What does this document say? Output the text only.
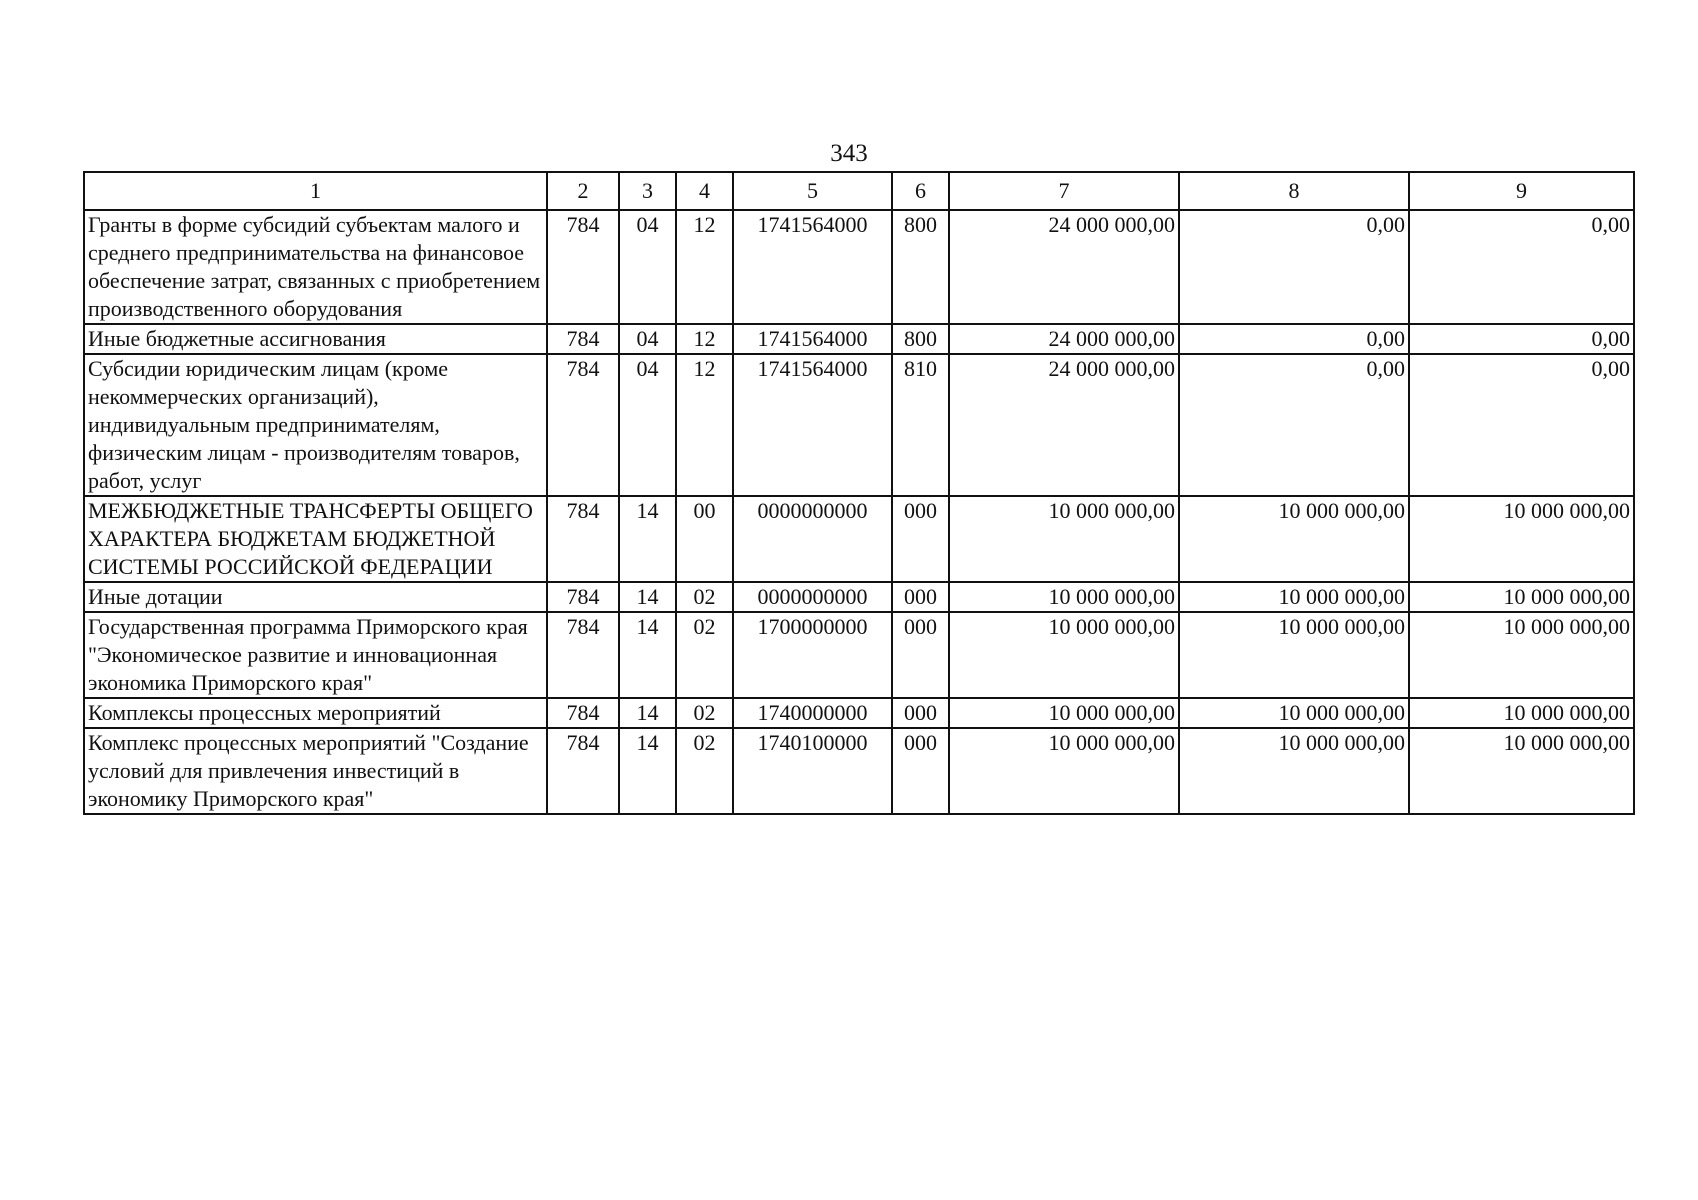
343
1	2	3	4	5	6	7	8	9
Гранты в форме субсидий субъектам малого и среднего предпринимательства на финансовое обеспечение затрат, связанных с приобретением производственного оборудования	784	04	12	1741564000	800	24 000 000,00	0,00	0,00
Иные бюджетные ассигнования	784	04	12	1741564000	800	24 000 000,00	0,00	0,00
Субсидии юридическим лицам (кроме некоммерческих организаций), индивидуальным предпринимателям, физическим лицам - производителям товаров, работ, услуг	784	04	12	1741564000	810	24 000 000,00	0,00	0,00
МЕЖБЮДЖЕТНЫЕ ТРАНСФЕРТЫ ОБЩЕГО ХАРАКТЕРА БЮДЖЕТАМ БЮДЖЕТНОЙ СИСТЕМЫ РОССИЙСКОЙ ФЕДЕРАЦИИ	784	14	00	0000000000	000	10 000 000,00	10 000 000,00	10 000 000,00
Иные дотации	784	14	02	0000000000	000	10 000 000,00	10 000 000,00	10 000 000,00
Государственная программа Приморского края "Экономическое развитие и инновационная экономика Приморского края"	784	14	02	1700000000	000	10 000 000,00	10 000 000,00	10 000 000,00
Комплексы процессных мероприятий	784	14	02	1740000000	000	10 000 000,00	10 000 000,00	10 000 000,00
Комплекс процессных мероприятий "Создание условий для привлечения инвестиций в экономику Приморского края"	784	14	02	1740100000	000	10 000 000,00	10 000 000,00	10 000 000,00
